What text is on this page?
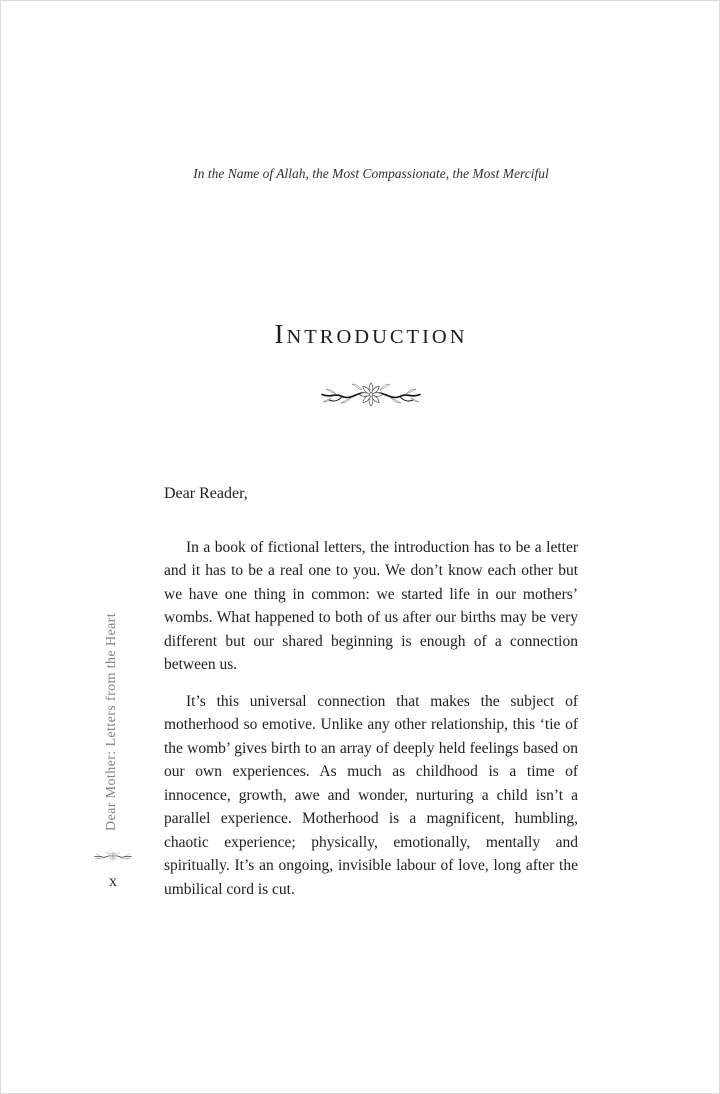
In the Name of Allah, the Most Compassionate, the Most Merciful
INTRODUCTION

Dear Reader,

In a book of fictional letters, the introduction has to be a letter and it has to be a real one to you. We don’t know each other but we have one thing in common: we started life in our mothers’ wombs. What happened to both of us after our births may be very different but our shared beginning is enough of a connection between us.

It’s this universal connection that makes the subject of motherhood so emotive. Unlike any other relationship, this ‘tie of the womb’ gives birth to an array of deeply held feelings based on our own experiences. As much as childhood is a time of innocence, growth, awe and wonder, nurturing a child isn’t a parallel experience. Motherhood is a magnificent, humbling, chaotic experience; physically, emotionally, mentally and spiritually. It’s an ongoing, invisible labour of love, long after the umbilical cord is cut.

Dear Mother: Letters from the Heart
x
